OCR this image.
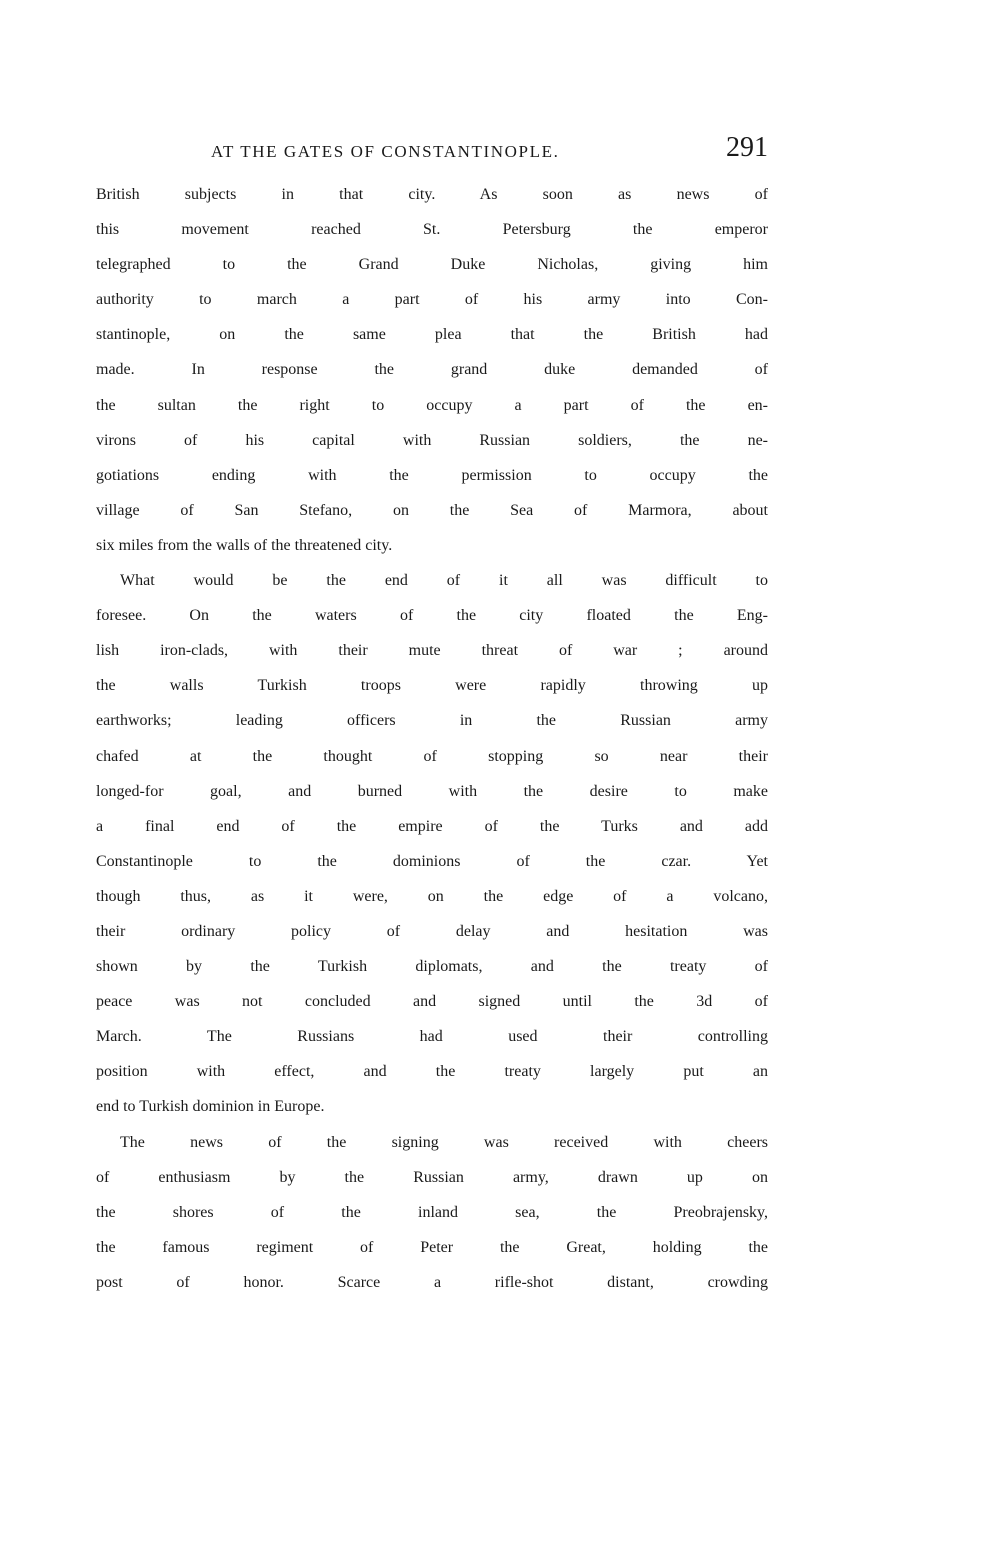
AT THE GATES OF CONSTANTINOPLE.	291
British subjects in that city. As soon as news of
this movement reached St. Petersburg the emperor
telegraphed to the Grand Duke Nicholas, giving him
authority to march a part of his army into Con-
stantinople, on the same plea that the British had
made. In response the grand duke demanded of
the sultan the right to occupy a part of the en-
virons of his capital with Russian soldiers, the ne-
gotiations ending with the permission to occupy the
village of San Stefano, on the Sea of Marmora, about
six miles from the walls of the threatened city.
What would be the end of it all was difficult to
foresee. On the waters of the city floated the Eng-
lish iron-clads, with their mute threat of war ; around
the walls Turkish troops were rapidly throwing up
earthworks; leading officers in the Russian army
chafed at the thought of stopping so near their
longed-for goal, and burned with the desire to make
a final end of the empire of the Turks and add
Constantinople to the dominions of the czar. Yet
though thus, as it were, on the edge of a volcano,
their ordinary policy of delay and hesitation was
shown by the Turkish diplomats, and the treaty of
peace was not concluded and signed until the 3d of
March. The Russians had used their controlling
position with effect, and the treaty largely put an
end to Turkish dominion in Europe.
The news of the signing was received with cheers
of enthusiasm by the Russian army, drawn up on
the shores of the inland sea, the Preobrajensky,
the famous regiment of Peter the Great, holding the
post of honor. Scarce a rifle-shot distant, crowding
